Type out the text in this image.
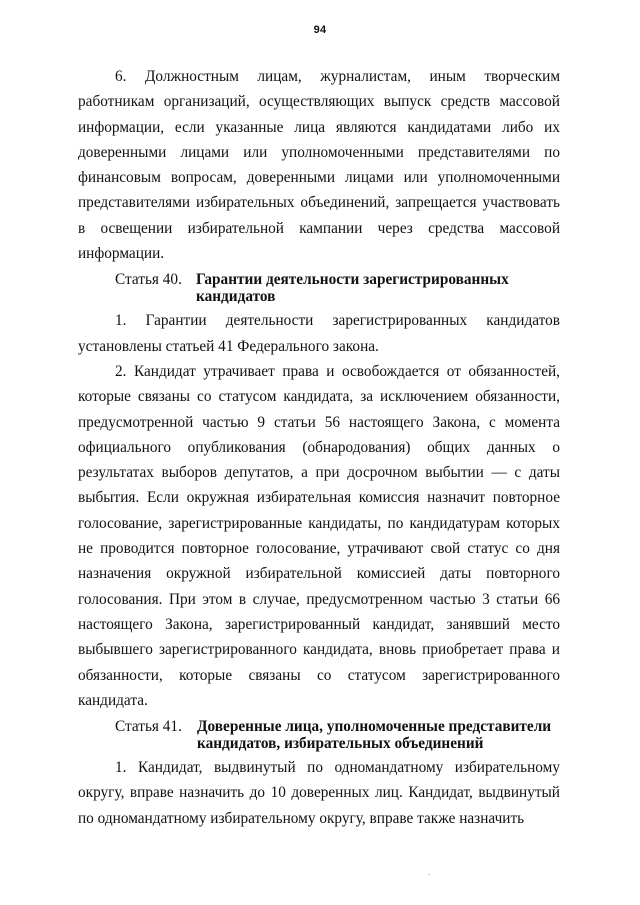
94

6. Должностным лицам, журналистам, иным творческим работникам организаций, осуществляющих выпуск средств массовой информации, если указанные лица являются кандидатами либо их доверенными лицами или уполномоченными представителями по финансовым вопросам, доверенными лицами или уполномоченными представителями избирательных объединений, запрещается участвовать в освещении избирательной кампании через средства массовой информации.

Статья 40. Гарантии деятельности зарегистрированных кандидатов

1. Гарантии деятельности зарегистрированных кандидатов установлены статьей 41 Федерального закона.

2. Кандидат утрачивает права и освобождается от обязанностей, которые связаны со статусом кандидата, за исключением обязанности, предусмотренной частью 9 статьи 56 настоящего Закона, с момента официального опубликования (обнародования) общих данных о результатах выборов депутатов, а при досрочном выбытии — с даты выбытия. Если окружная избирательная комиссия назначит повторное голосование, зарегистрированные кандидаты, по кандидатурам которых не проводится повторное голосование, утрачивают свой статус со дня назначения окружной избирательной комиссией даты повторного голосования. При этом в случае, предусмотренном частью 3 статьи 66 настоящего Закона, зарегистрированный кандидат, занявший место выбывшего зарегистрированного кандидата, вновь приобретает права и обязанности, которые связаны со статусом зарегистрированного кандидата.

Статья 41. Доверенные лица, уполномоченные представители кандидатов, избирательных объединений

1. Кандидат, выдвинутый по одномандатному избирательному округу, вправе назначить до 10 доверенных лиц. Кандидат, выдвинутый по одномандатному избирательному округу, вправе также назначить
